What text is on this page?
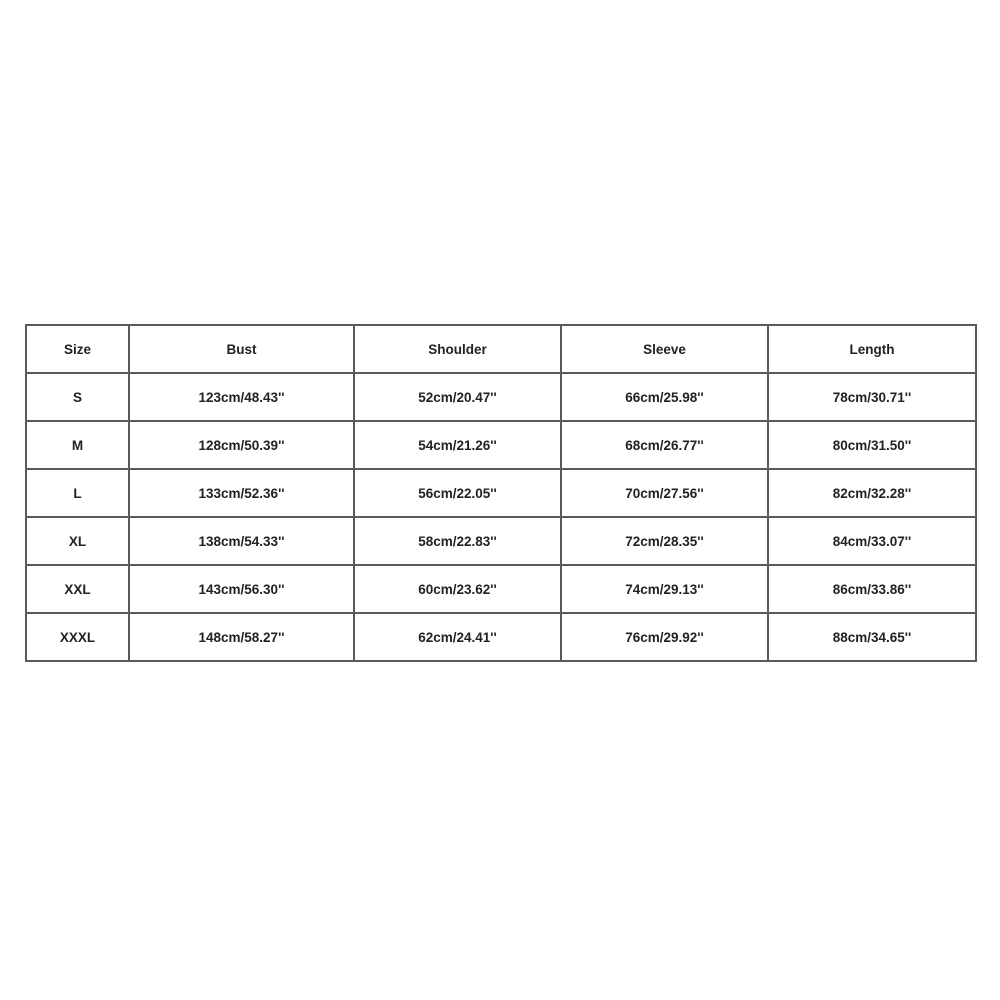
Size	Bust	Shoulder	Sleeve	Length
S	123cm/48.43''	52cm/20.47''	66cm/25.98''	78cm/30.71''
M	128cm/50.39''	54cm/21.26''	68cm/26.77''	80cm/31.50''
L	133cm/52.36''	56cm/22.05''	70cm/27.56''	82cm/32.28''
XL	138cm/54.33''	58cm/22.83''	72cm/28.35''	84cm/33.07''
XXL	143cm/56.30''	60cm/23.62''	74cm/29.13''	86cm/33.86''
XXXL	148cm/58.27''	62cm/24.41''	76cm/29.92''	88cm/34.65''
